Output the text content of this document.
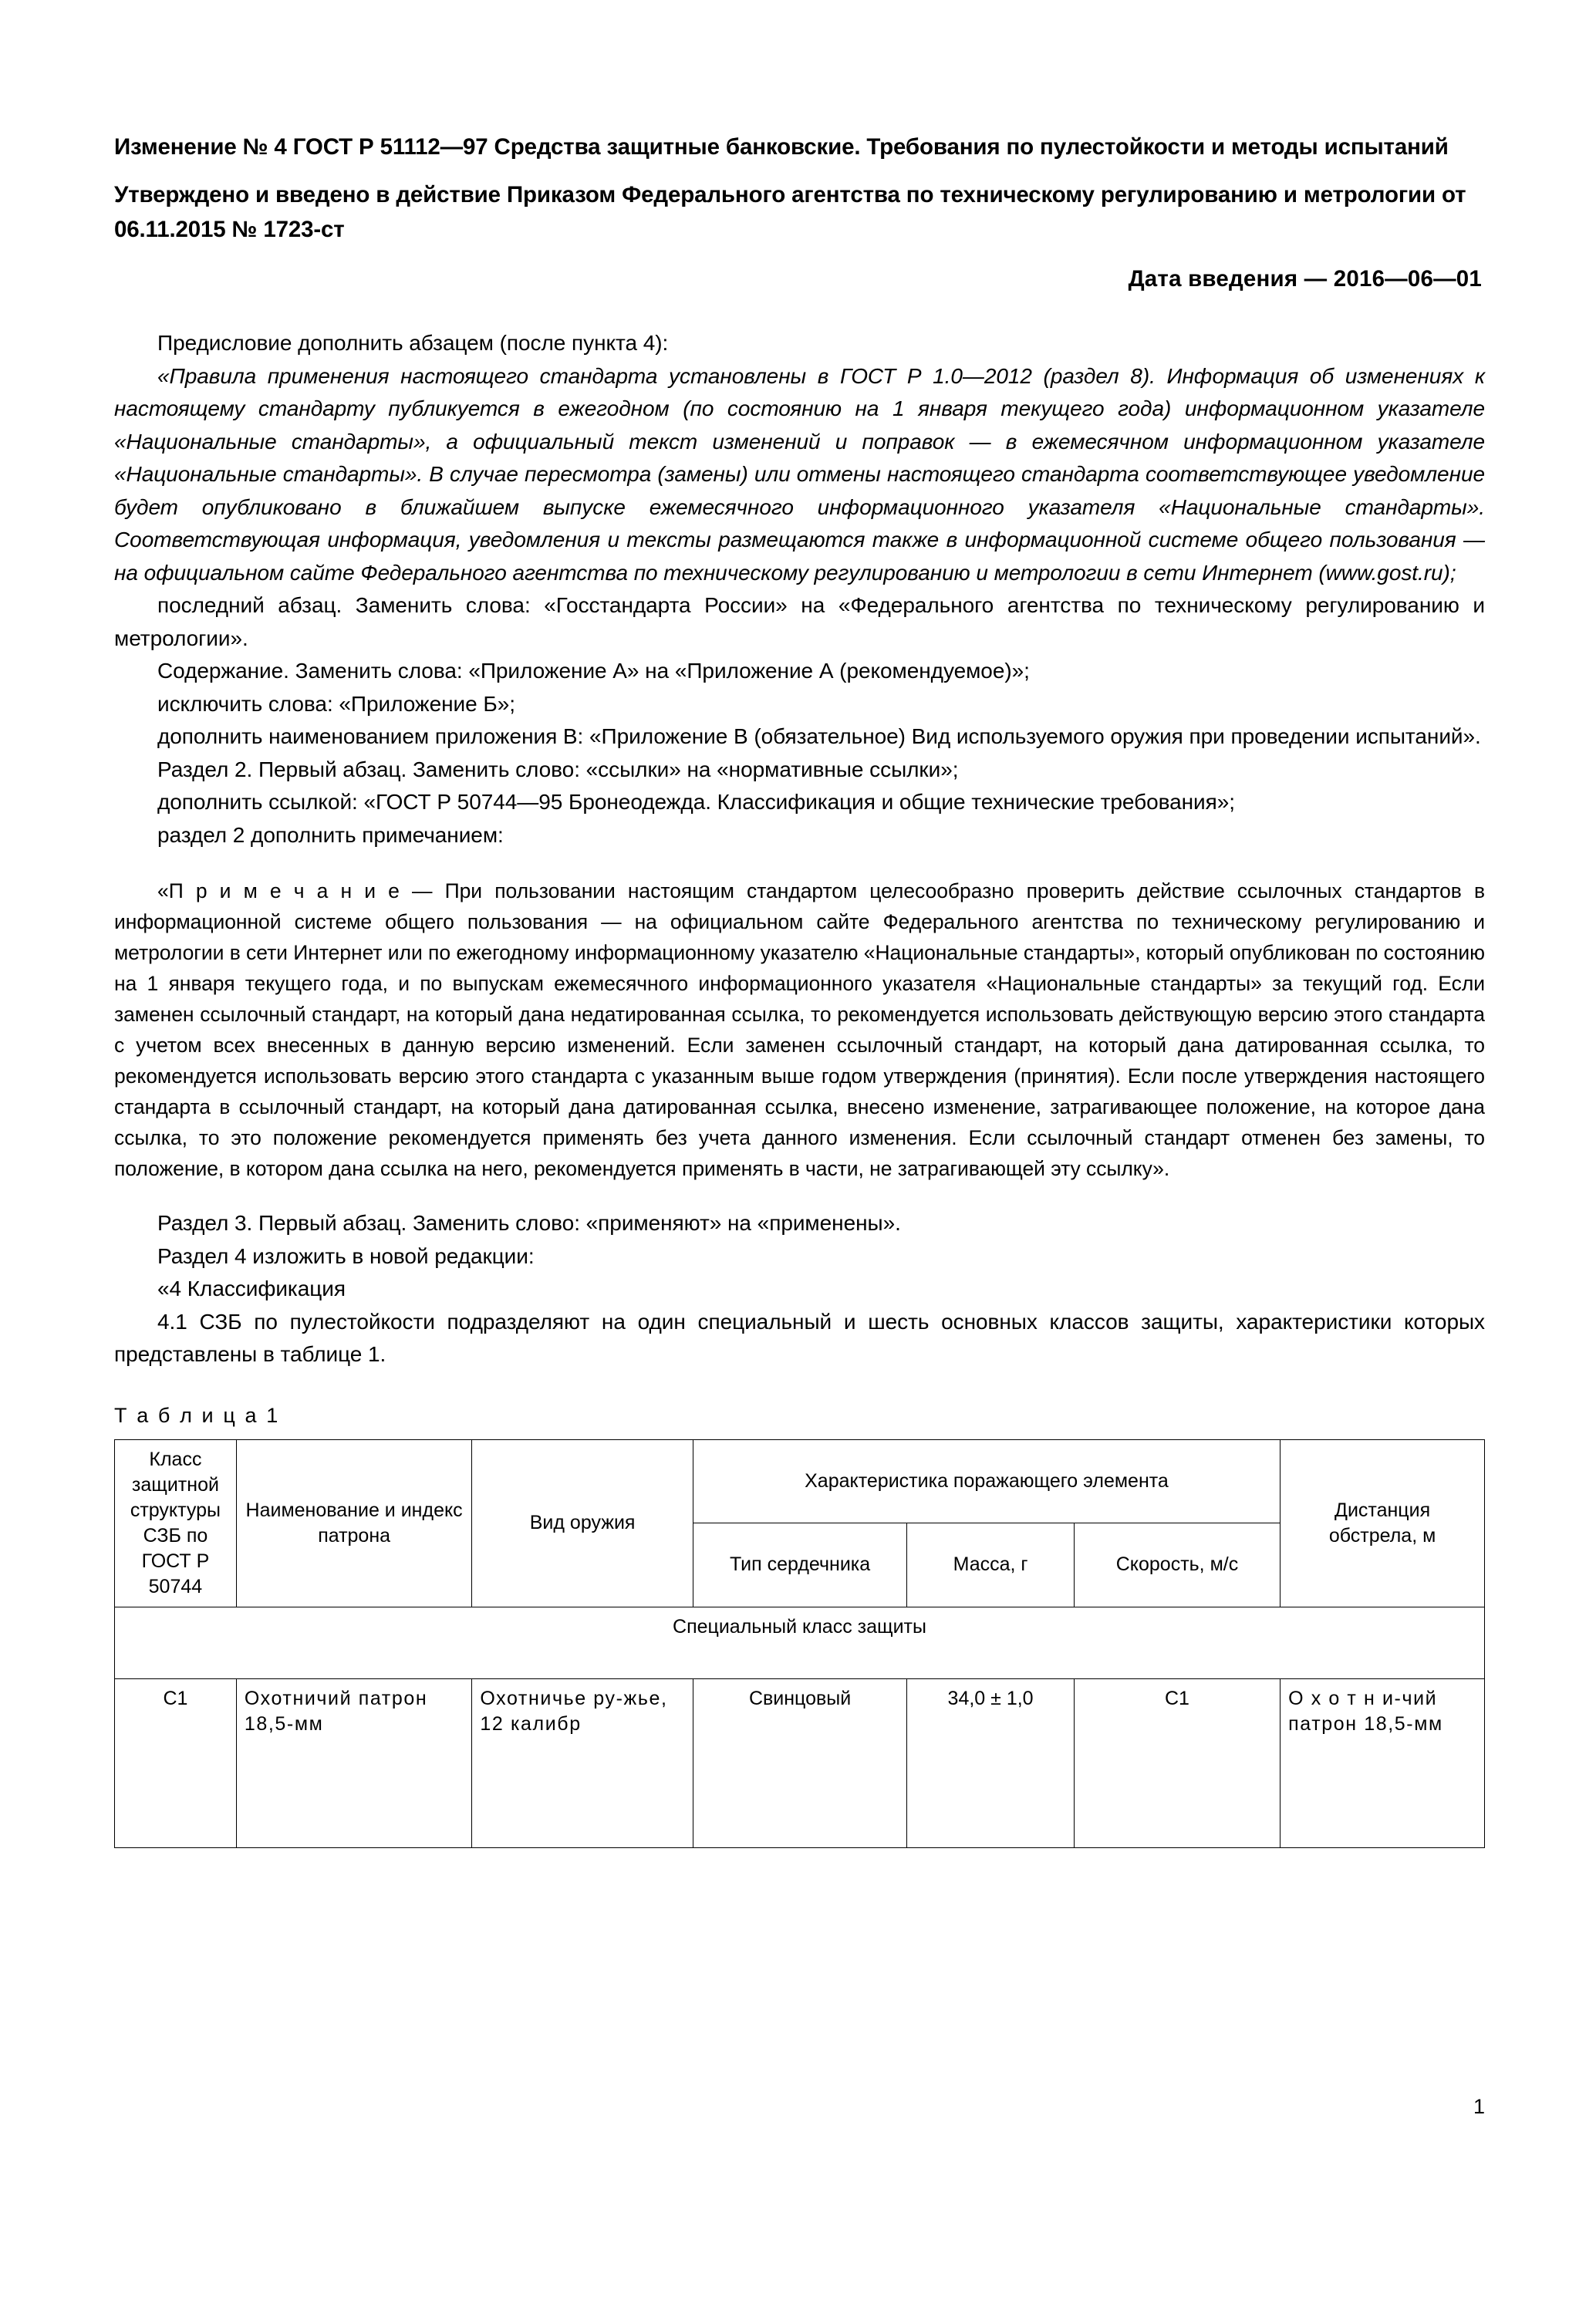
Изменение № 4 ГОСТ Р 51112—97 Средства защитные банковские. Требования по пулестойкости и методы испытаний
Утверждено и введено в действие Приказом Федерального агентства по техническому регулированию и метрологии от 06.11.2015 № 1723-ст
Дата введения — 2016—06—01

Предисловие дополнить абзацем (после пункта 4):

«Правила применения настоящего стандарта установлены в ГОСТ Р 1.0—2012 (раздел 8). Информация об изменениях к настоящему стандарту публикуется в ежегодном (по состоянию на 1 января текущего года) информационном указателе «Национальные стандарты», а официальный текст изменений и поправок — в ежемесячном информационном указателе «Национальные стандарты». В случае пересмотра (замены) или отмены настоящего стандарта соответствующее уведомление будет опубликовано в ближайшем выпуске ежемесячного информационного указателя «Национальные стандарты». Соответствующая информация, уведомления и тексты размещаются также в информационной системе общего пользования — на официальном сайте Федерального агентства по техническому регулированию и метрологии в сети Интернет (www.gost.ru);

последний абзац. Заменить слова: «Госстандарта России» на «Федерального агентства по техническому регулированию и метрологии».

Содержание. Заменить слова: «Приложение А» на «Приложение А (рекомендуемое)»;

исключить слова: «Приложение Б»;

дополнить наименованием приложения В: «Приложение В (обязательное) Вид используемого оружия при проведении испытаний».

Раздел 2. Первый абзац. Заменить слово: «ссылки» на «нормативные ссылки»;

дополнить ссылкой: «ГОСТ Р 50744—95 Бронеодежда. Классификация и общие технические требования»;

раздел 2 дополнить примечанием:

«П р и м е ч а н и е — При пользовании настоящим стандартом целесообразно проверить действие ссылочных стандартов в информационной системе общего пользования — на официальном сайте Федерального агентства по техническому регулированию и метрологии в сети Интернет или по ежегодному информационному указателю «Национальные стандарты», который опубликован по состоянию на 1 января текущего года, и по выпускам ежемесячного информационного указателя «Национальные стандарты» за текущий год. Если заменен ссылочный стандарт, на который дана недатированная ссылка, то рекомендуется использовать действующую версию этого стандарта с учетом всех внесенных в данную версию изменений. Если заменен ссылочный стандарт, на который дана датированная ссылка, то рекомендуется использовать версию этого стандарта с указанным выше годом утверждения (принятия). Если после утверждения настоящего стандарта в ссылочный стандарт, на который дана датированная ссылка, внесено изменение, затрагивающее положение, на которое дана ссылка, то это положение рекомендуется применять без учета данного изменения. Если ссылочный стандарт отменен без замены, то положение, в котором дана ссылка на него, рекомендуется применять в части, не затрагивающей эту ссылку».

Раздел 3. Первый абзац. Заменить слово: «применяют» на «применены».

Раздел 4 изложить в новой редакции:

«4 Классификация

4.1 СЗБ по пулестойкости подразделяют на один специальный и шесть основных классов защиты, характеристики которых представлены в таблице 1.

Т а б л и ц а 1
Класс защитной структуры СЗБ по ГОСТ Р 50744	Наименование и индекс патрона	Вид оружия	Характеристика поражающего элемента			Дистанция обстрела, м
			Тип сердечника	Масса, г	Скорость, м/с	
Специальный класс защиты						
С1	Охотничий патрон 18,5-мм	Охотничье ру-жье, 12 калибр	Свинцовый	34,0 ± 1,0	С1	О х о т н и-чий патрон 18,5-мм
1
